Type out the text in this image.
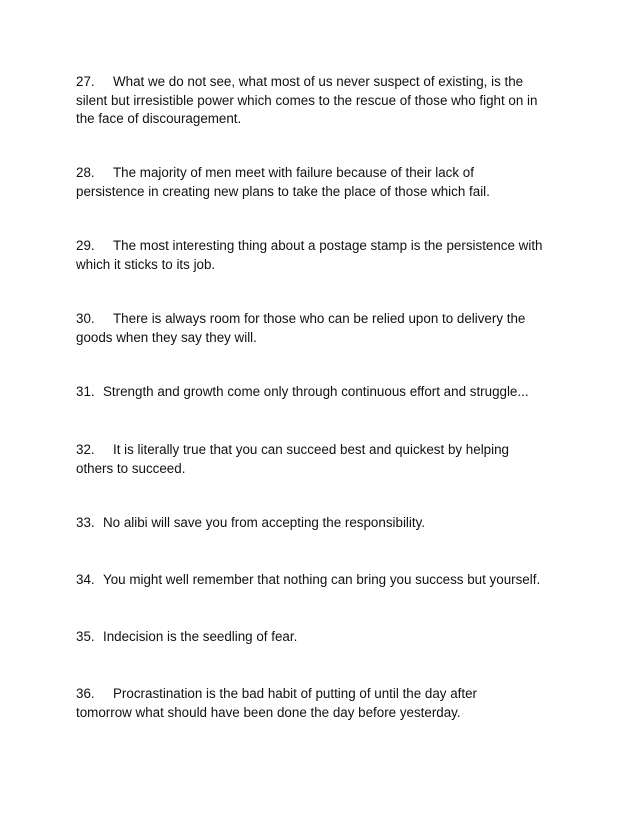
27. What we do not see, what most of us never suspect of existing, is the silent but irresistible power which comes to the rescue of those who fight on in the face of discouragement.

28. The majority of men meet with failure because of their lack of persistence in creating new plans to take the place of those which fail.

29. The most interesting thing about a postage stamp is the persistence with which it sticks to its job.

30. There is always room for those who can be relied upon to delivery the goods when they say they will.

31. Strength and growth come only through continuous effort and struggle...

32. It is literally true that you can succeed best and quickest by helping others to succeed.

33. No alibi will save you from accepting the responsibility.

34. You might well remember that nothing can bring you success but yourself.

35. Indecision is the seedling of fear.

36. Procrastination is the bad habit of putting of until the day after tomorrow what should have been done the day before yesterday.
